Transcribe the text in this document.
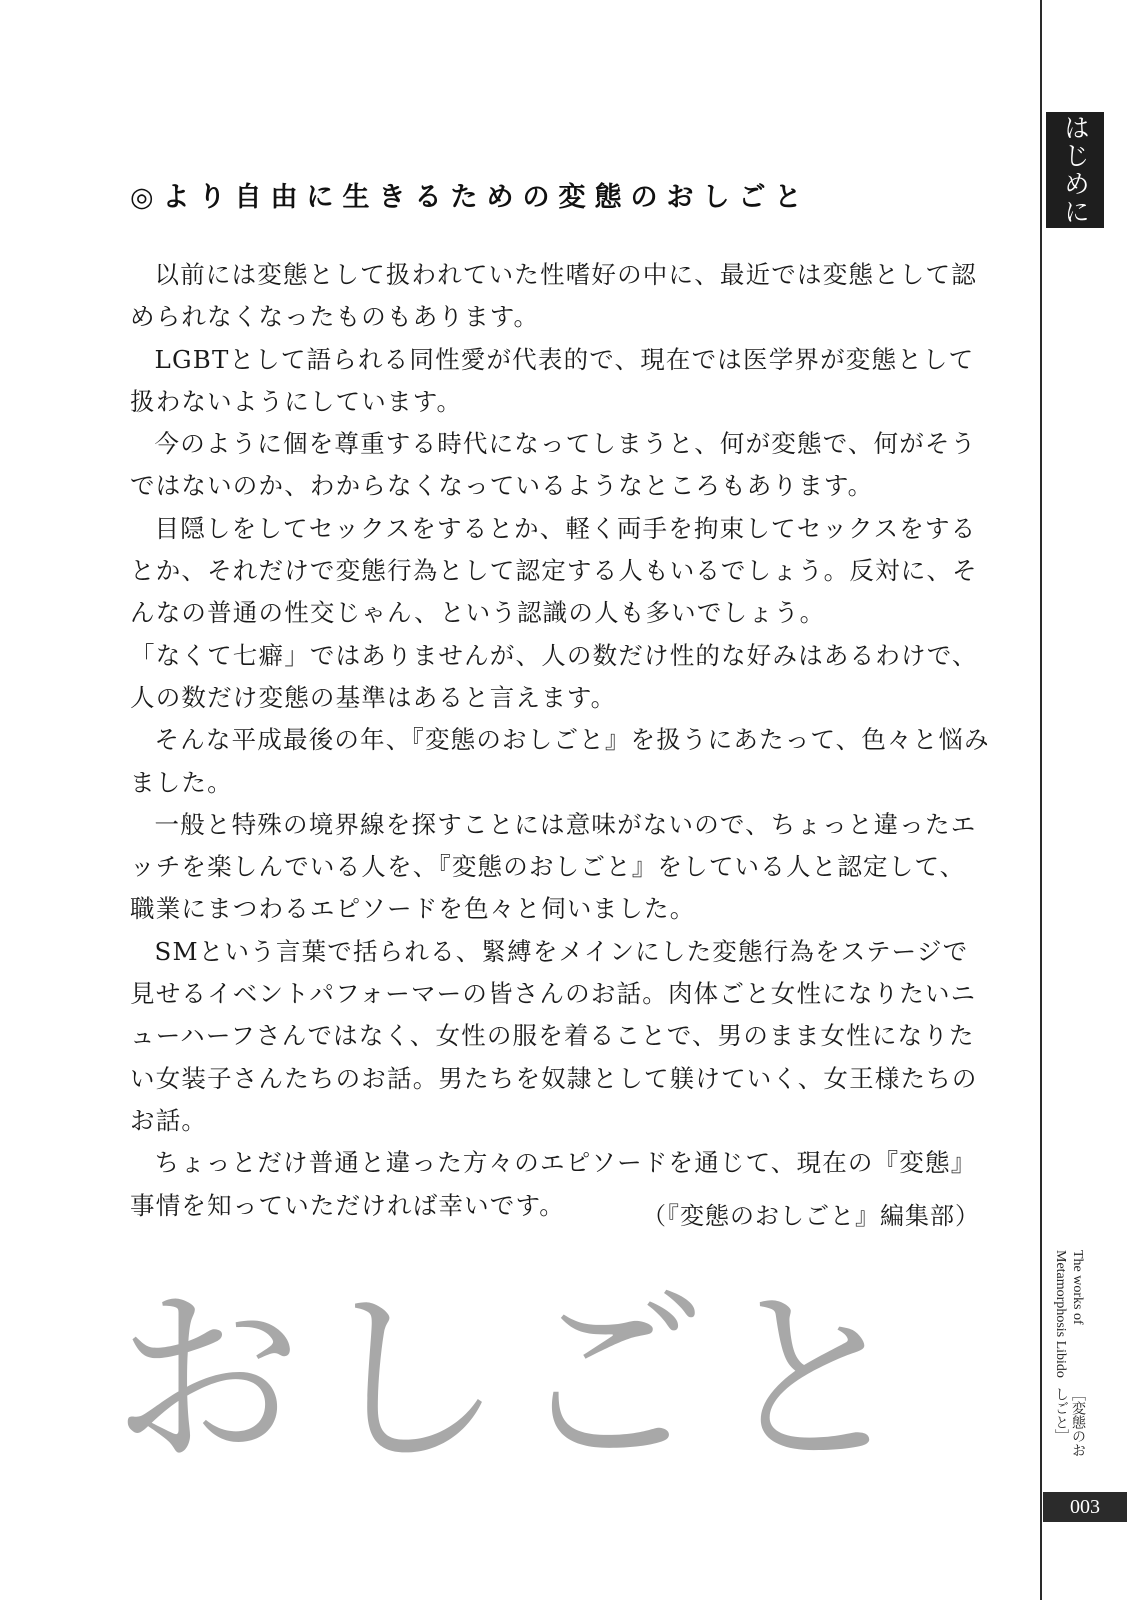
はじめに
［変態のおしごと］
The works of Metamorphosis Libido
003
◎より自由に生きるための変態のおしごと

以前には変態として扱われていた性嗜好の中に、最近では変態として認められなくなったものもあります。

LGBTとして語られる同性愛が代表的で、現在では医学界が変態として扱わないようにしています。

今のように個を尊重する時代になってしまうと、何が変態で、何がそうではないのか、わからなくなっているようなところもあります。

目隠しをしてセックスをするとか、軽く両手を拘束してセックスをするとか、それだけで変態行為として認定する人もいるでしょう。反対に、そんなの普通の性交じゃん、という認識の人も多いでしょう。

「なくて七癖」ではありませんが、人の数だけ性的な好みはあるわけで、人の数だけ変態の基準はあると言えます。

そんな平成最後の年、『変態のおしごと』を扱うにあたって、色々と悩みました。

一般と特殊の境界線を探すことには意味がないので、ちょっと違ったエッチを楽しんでいる人を、『変態のおしごと』をしている人と認定して、職業にまつわるエピソードを色々と伺いました。

SMという言葉で括られる、緊縛をメインにした変態行為をステージで見せるイベントパフォーマーの皆さんのお話。肉体ごと女性になりたいニューハーフさんではなく、女性の服を着ることで、男のまま女性になりたい女装子さんたちのお話。男たちを奴隷として躾けていく、女王様たちのお話。

ちょっとだけ普通と違った方々のエピソードを通じて、現在の『変態』事情を知っていただければ幸いです。	（『変態のおしごと』編集部）
おしごと
